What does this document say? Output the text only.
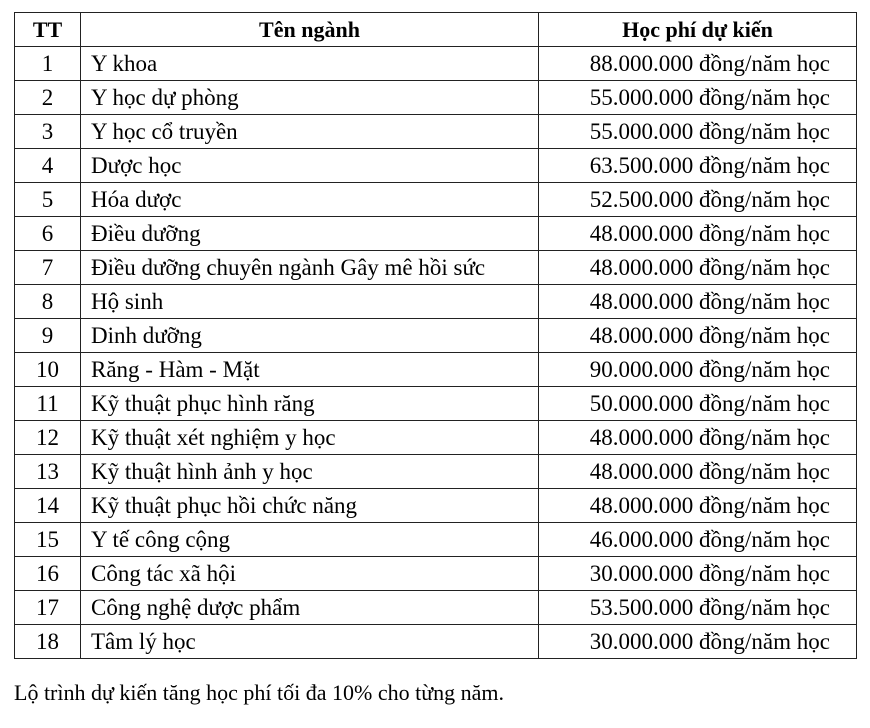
TT	Tên ngành	Học phí dự kiến
1	Y khoa	88.000.000 đồng/năm học
2	Y học dự phòng	55.000.000 đồng/năm học
3	Y học cổ truyền	55.000.000 đồng/năm học
4	Dược học	63.500.000 đồng/năm học
5	Hóa dược	52.500.000 đồng/năm học
6	Điều dưỡng	48.000.000 đồng/năm học
7	Điều dưỡng chuyên ngành Gây mê hồi sức	48.000.000 đồng/năm học
8	Hộ sinh	48.000.000 đồng/năm học
9	Dinh dưỡng	48.000.000 đồng/năm học
10	Răng - Hàm - Mặt	90.000.000 đồng/năm học
11	Kỹ thuật phục hình răng	50.000.000 đồng/năm học
12	Kỹ thuật xét nghiệm y học	48.000.000 đồng/năm học
13	Kỹ thuật hình ảnh y học	48.000.000 đồng/năm học
14	Kỹ thuật phục hồi chức năng	48.000.000 đồng/năm học
15	Y tế công cộng	46.000.000 đồng/năm học
16	Công tác xã hội	30.000.000 đồng/năm học
17	Công nghệ dược phẩm	53.500.000 đồng/năm học
18	Tâm lý học	30.000.000 đồng/năm học

Lộ trình dự kiến tăng học phí tối đa 10% cho từng năm.
